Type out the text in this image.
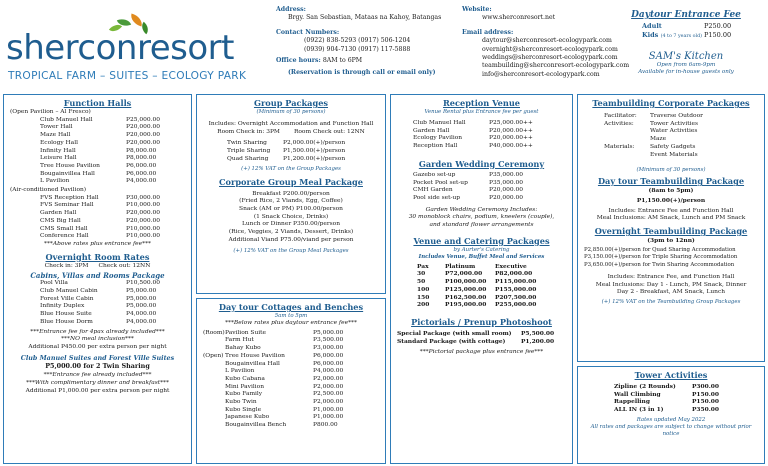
sherconresort
TROPICAL FARM – SUITES – ECOLOGY PARK
Address:
Brgy. San Sebastian, Mataas na Kahoy, Batangas
Contact Numbers:
(0922) 838-5293 (0917) 506-1204
(0939) 904-7130 (0917) 117-5888
Office hours: 8AM to 6PM
(Reservation is through call or email only)
Website:
www.sherconresort.net
Email address:
daytour@sherconresort-ecologypark.com
overnight@sherconresort-ecologypark.com
weddings@sherconresort-ecologypark.com
teambuilding@sherconresort-ecologypark.com
info@sherconresort-ecologypark.com
Daytour Entrance Fee
Adult	P250.00
Kids (4 to 7 years old) P150.00
SAM's Kitchen
Open from 6am-9pm
Available for in-house guests only
Function Halls
(Open Pavilion – Al Fresco)
Club Manuel Hall	P25,000.00
Tower Hall	P20,000.00
Maze Hall	P20,000.00
Ecology Hall	P20,000.00
Infinity Hall	P8,000.00
Leisure Hall	P8,000.00
Tree House Pavilion	P6,000.00
Bougainvillea Hall	P6,000.00
L Pavilion	P4,000.00
(Air-conditioned Pavilion)
FVS Reception Hall	P30,000.00
FVS Seminar Hall	P10,000.00
Garden Hall	P20,000.00
CMS Big Hall	P20,000.00
CMS Small Hall	P10,000.00
Conference Hall	P10,000.00
***Above rates plus entrance fee***
Overnight Room Rates
Check in: 3PM Check out: 12NN
Cabins, Villas and Rooms Package
Pool Villa	P10,500.00
Club Manuel Cabin	P5,000.00
Forest Ville Cabin	P5,000.00
Infinity Duplex	P5,000.00
Blue House Suite	P4,000.00
Blue House Dorm	P4,000.00
***Entrance fee for 4pax already included***
***NO meal inclusion***
Additional P450.00 per extra person per night
Club Manuel Suites and Forest Ville Suites
P5,000.00 for 2 Twin Sharing
***Entrance fee already included***
***With complimentary dinner and breakfast***
Additional P1,000.00 per extra person per night
Group Packages
(Minimum of 30 persons)
Includes: Overnight Accommodation and Function Hall
Room Check in: 3PM Room Check out: 12NN
Twin Sharing	P2,000.00(+)/person
Triple Sharing	P1,500.00(+)/person
Quad Sharing	P1,200.00(+)/person
(+) 12% VAT on the Group Packages
Corporate Group Meal Package
Breakfast P200.00/person
(Fried Rice, 2 Viands, Egg, Coffee)
Snack (AM or PM) P100.00/person
(1 Snack Choice, Drinks)
Lunch or Dinner P350.00/person
(Rice, Veggies, 2 Viands, Dessert, Drinks)
Additional Viand P75.00/viand per person
(+) 12% VAT on the Group Meal Packages
Day tour Cottages and Benches
5am to 5pm
***Below rates plus daytour entrance fee***
(Room) Pavilion Suite	P5,000.00
Farm Hut	P3,500.00
Bahay Kubo	P3,000.00
(Open) Tree House Pavilion	P6,000.00
Bougainvillea Hall	P6,000.00
L Pavilion	P4,000.00
Kubo Cabana	P2,000.00
Mini Pavilion	P2,000.00
Kubo Family	P2,500.00
Kubo Twin	P2,000.00
Kubo Single	P1,000.00
Japanese Kubo	P1,000.00
Bougainvillea Bench	P800.00
Reception Venue
Venue Rental plus Entrance fee per guest
Club Manuel Hall	P25,000.00++
Garden Hall	P20,000.00++
Ecology Pavilion	P20,000.00++
Reception Hall	P40,000.00++
Garden Wedding Ceremony
Gazebo set-up	P35,000.00
Pocket Pool set-up	P35,000.00
CMH Garden	P20,000.00
Pool side set-up	P20,000.00
Garden Wedding Ceremony Includes:
30 monoblock chairs, podium, kneelers (couple),
and standard flower arrangements
Venue and Catering Packages
by Aurter's Catering
Includes Venue, Buffet Meal and Services
Pax	Platinum	Executive
30	P72,000.00	P82,000.00
50	P100,000.00	P115,000.00
100	P125,000.00	P155,000.00
150	P162,500.00	P207,500.00
200	P195,000.00	P255,000.00
Pictorials / Prenup Photoshoot
Special Package (with small room)	P5,500.00
Standard Package (with cottage)	P1,200.00
***Pictorial package plus entrance fee***
Teambuilding Corporate Packages
Facilitator:	Traverse Outdoor
Activities:	Tower Activities
Water Activities
Maze
Materials:	Safety Gadgets
Event Materials
(Minimum of 30 persons)
Day tour Teambuilding Package
(8am to 5pm)
P1,150.00(+)/person
Includes: Entrance Fee and Function Hall
Meal Inclusions: AM Snack, Lunch and PM Snack
Overnight Teambuilding Package
(3pm to 12nn)
P2,850.00(+)/person for Quad Sharing Accommodation
P3,150.00(+)/person for Triple Sharing Accommodation
P3,650.00(+)/person for Twin Sharing Accommodation
Includes: Entrance Fee, and Function Hall
Meal Inclusions: Day 1 - Lunch, PM Snack, Dinner
Day 2 - Breakfast, AM Snack, Lunch
(+) 12% VAT on the Teambuilding Group Packages
Tower Activities
Zipline (2 Rounds)	P300.00
Wall Climbing	P150.00
Rappelling	P150.00
ALL IN (3 in 1)	P350.00
Rates updated May 2022
All rates and packages are subject to change without prior notice
